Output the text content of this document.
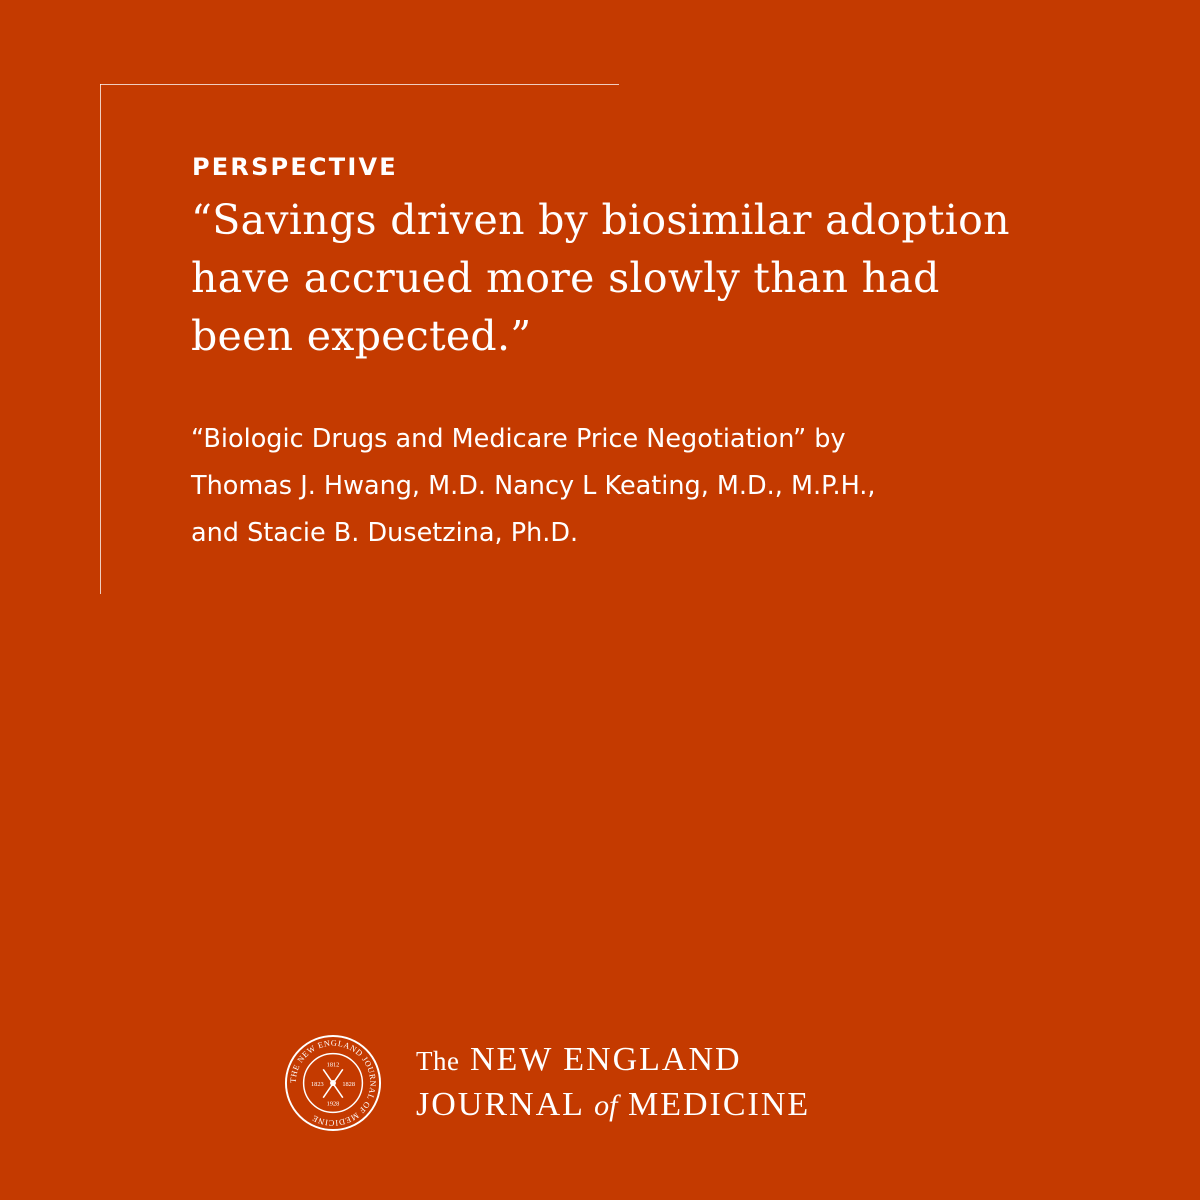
PERSPECTIVE
“Savings driven by biosimilar adoption
have accrued more slowly than had
been expected.”
“Biologic Drugs and Medicare Price Negotiation” by
Thomas J. Hwang, M.D. Nancy L Keating, M.D., M.P.H.,
and Stacie B. Dusetzina, Ph.D.
THE NEW ENGLAND JOURNAL OF MEDICINE
1812
1823	1828
1928
The NEW ENGLAND
JOURNAL of MEDICINE
